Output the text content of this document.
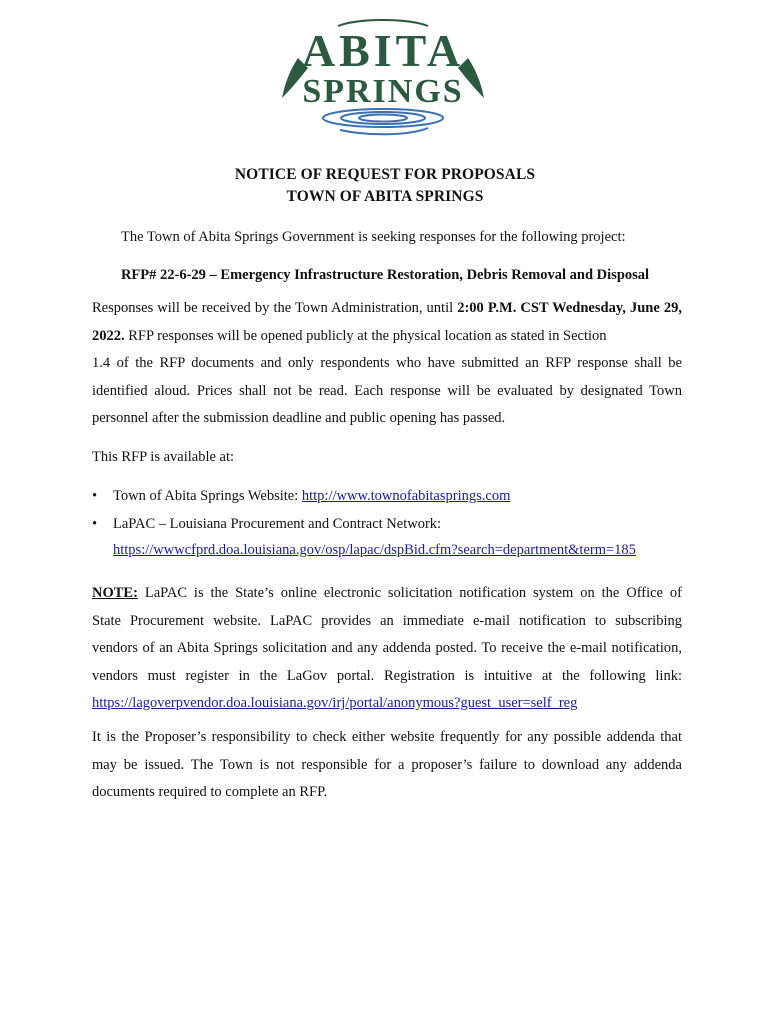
ABITA
SPRINGS
NOTICE OF REQUEST FOR PROPOSALS
TOWN OF ABITA SPRINGS
The Town of Abita Springs Government is seeking responses for the following project:
RFP# 22-6-29 – Emergency Infrastructure Restoration, Debris Removal and Disposal
Responses will be received by the Town Administration, until 2:00 P.M. CST Wednesday, June 29,
2022. RFP responses will be opened publicly at the physical location as stated in Section
1.4 of the RFP documents and only respondents who have submitted an RFP response shall be
identified aloud. Prices shall not be read. Each response will be evaluated by designated Town
personnel after the submission deadline and public opening has passed.
This RFP is available at:
• Town of Abita Springs Website: http://www.townofabitasprings.com
• LaPAC – Louisiana Procurement and Contract Network:
https://wwwcfprd.doa.louisiana.gov/osp/lapac/dspBid.cfm?search=department&term=185
NOTE: LaPAC is the State’s online electronic solicitation notification system on the Office of
State Procurement website. LaPAC provides an immediate e-mail notification to subscribing
vendors of an Abita Springs solicitation and any addenda posted. To receive the e-mail notification,
vendors must register in the LaGov portal. Registration is intuitive at the following link:
https://lagoverpvendor.doa.louisiana.gov/irj/portal/anonymous?guest_user=self_reg
It is the Proposer’s responsibility to check either website frequently for any possible addenda that
may be issued. The Town is not responsible for a proposer’s failure to download any addenda
documents required to complete an RFP.
